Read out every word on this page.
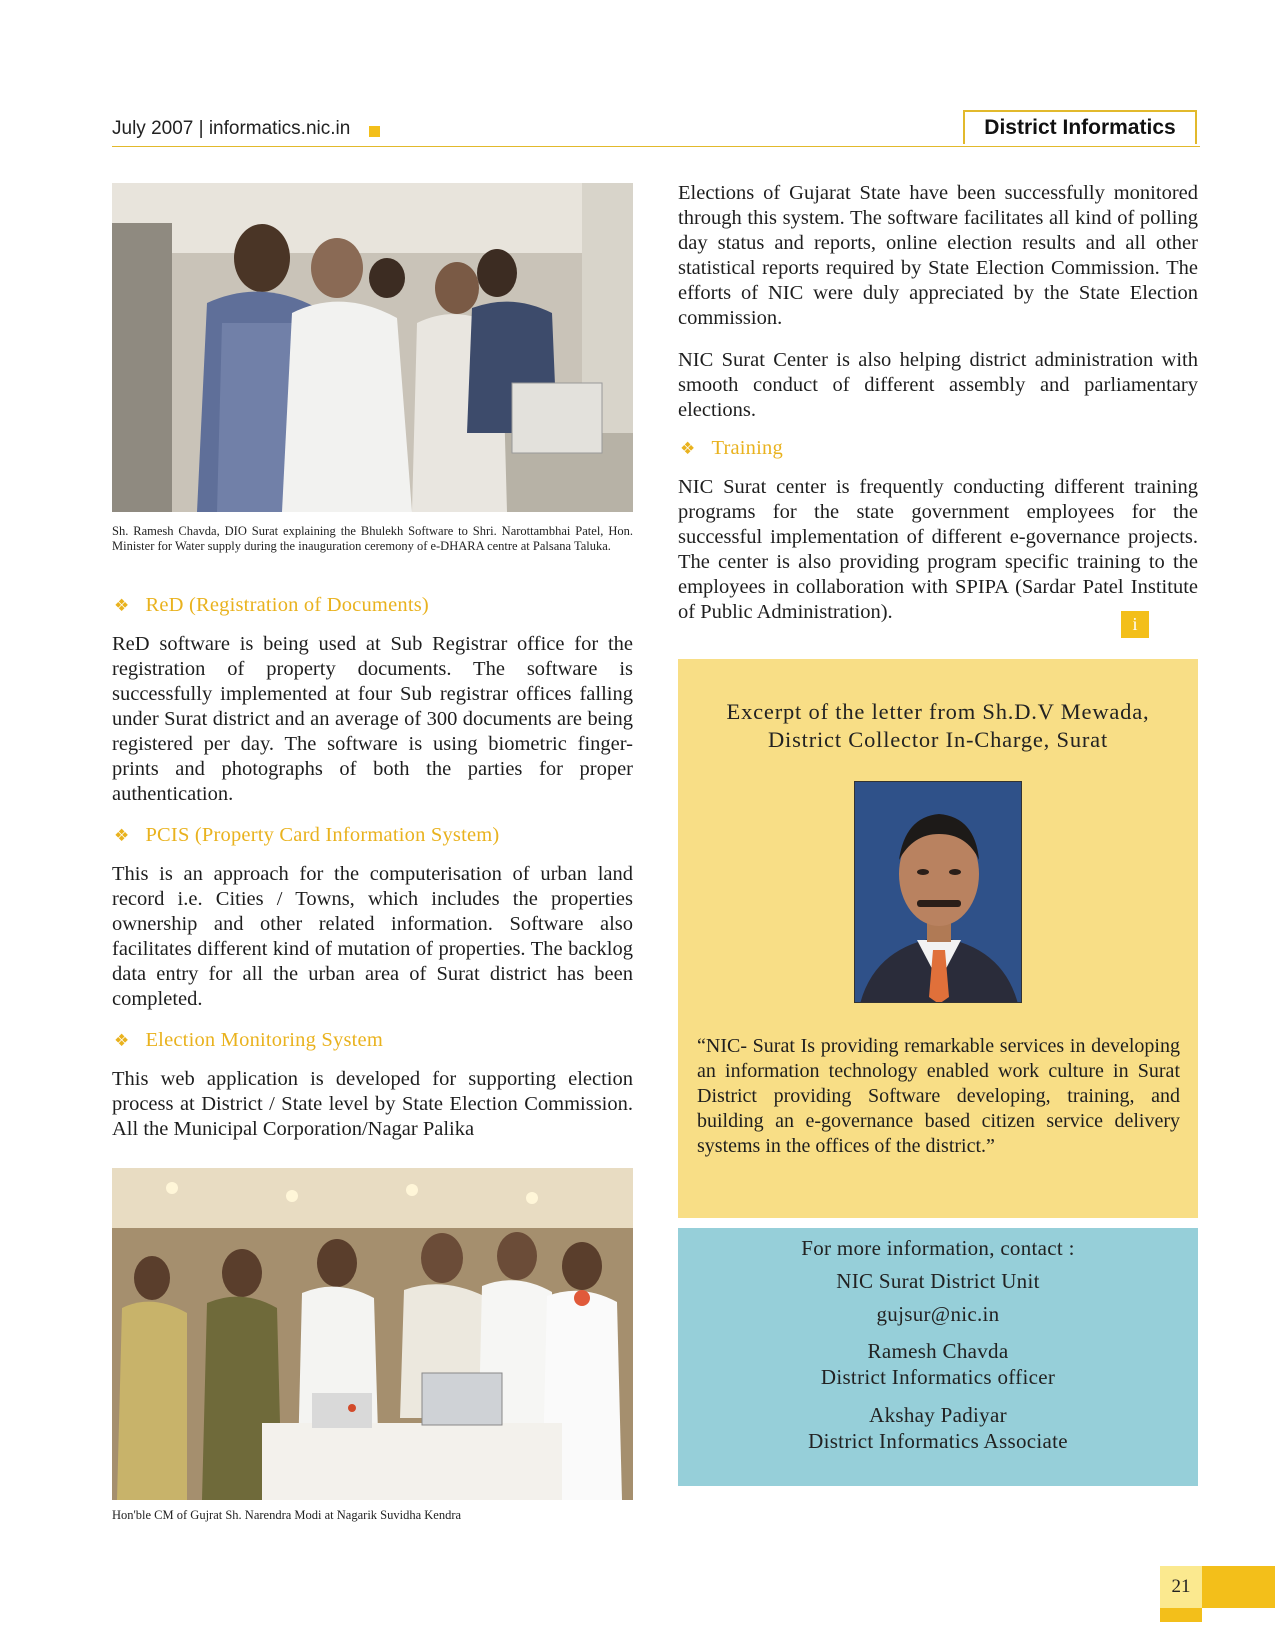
July 2007 | informatics.nic.in	District Informatics
Sh. Ramesh Chavda, DIO Surat explaining the Bhulekh Software to Shri. Narottambhai Patel, Hon. Minister for Water supply during the inauguration ceremony of e-DHARA centre at Palsana Taluka.
❖ ReD (Registration of Documents)
ReD software is being used at Sub Registrar office for the registration of property documents. The software is successfully implemented at four Sub registrar offices falling under Surat district and an average of 300 documents are being registered per day. The software is using biometric finger-prints and photographs of both the parties for proper authentication.
❖ PCIS (Property Card Information System)
This is an approach for the computerisation of urban land record i.e. Cities / Towns, which includes the properties ownership and other related information. Software also facilitates different kind of mutation of properties. The backlog data entry for all the urban area of Surat district has been completed.
❖ Election Monitoring System
This web application is developed for supporting election process at District / State level by State Election Commission. All the Municipal Corporation/Nagar Palika
Hon'ble CM of Gujrat Sh. Narendra Modi at Nagarik Suvidha Kendra
Elections of Gujarat State have been successfully monitored through this system. The software facilitates all kind of polling day status and reports, online election results and all other statistical reports required by State Election Commission. The efforts of NIC were duly appreciated by the State Election commission.
NIC Surat Center is also helping district administration with smooth conduct of different assembly and parliamentary elections.
❖ Training
NIC Surat center is frequently conducting different training programs for the state government employees for the successful implementation of different e-governance projects. The center is also providing program specific training to the employees in collaboration with SPIPA (Sardar Patel Institute of Public Administration).
i
Excerpt of the letter from Sh.D.V Mewada,
District Collector In-Charge, Surat
“NIC- Surat Is providing remarkable services in developing an information technology enabled work culture in Surat District providing Software developing, training, and building an e-governance based citizen service delivery systems in the offices of the district.”
For more information, contact :
NIC Surat District Unit
gujsur@nic.in
Ramesh Chavda
District Informatics officer
Akshay Padiyar
District Informatics Associate
21
